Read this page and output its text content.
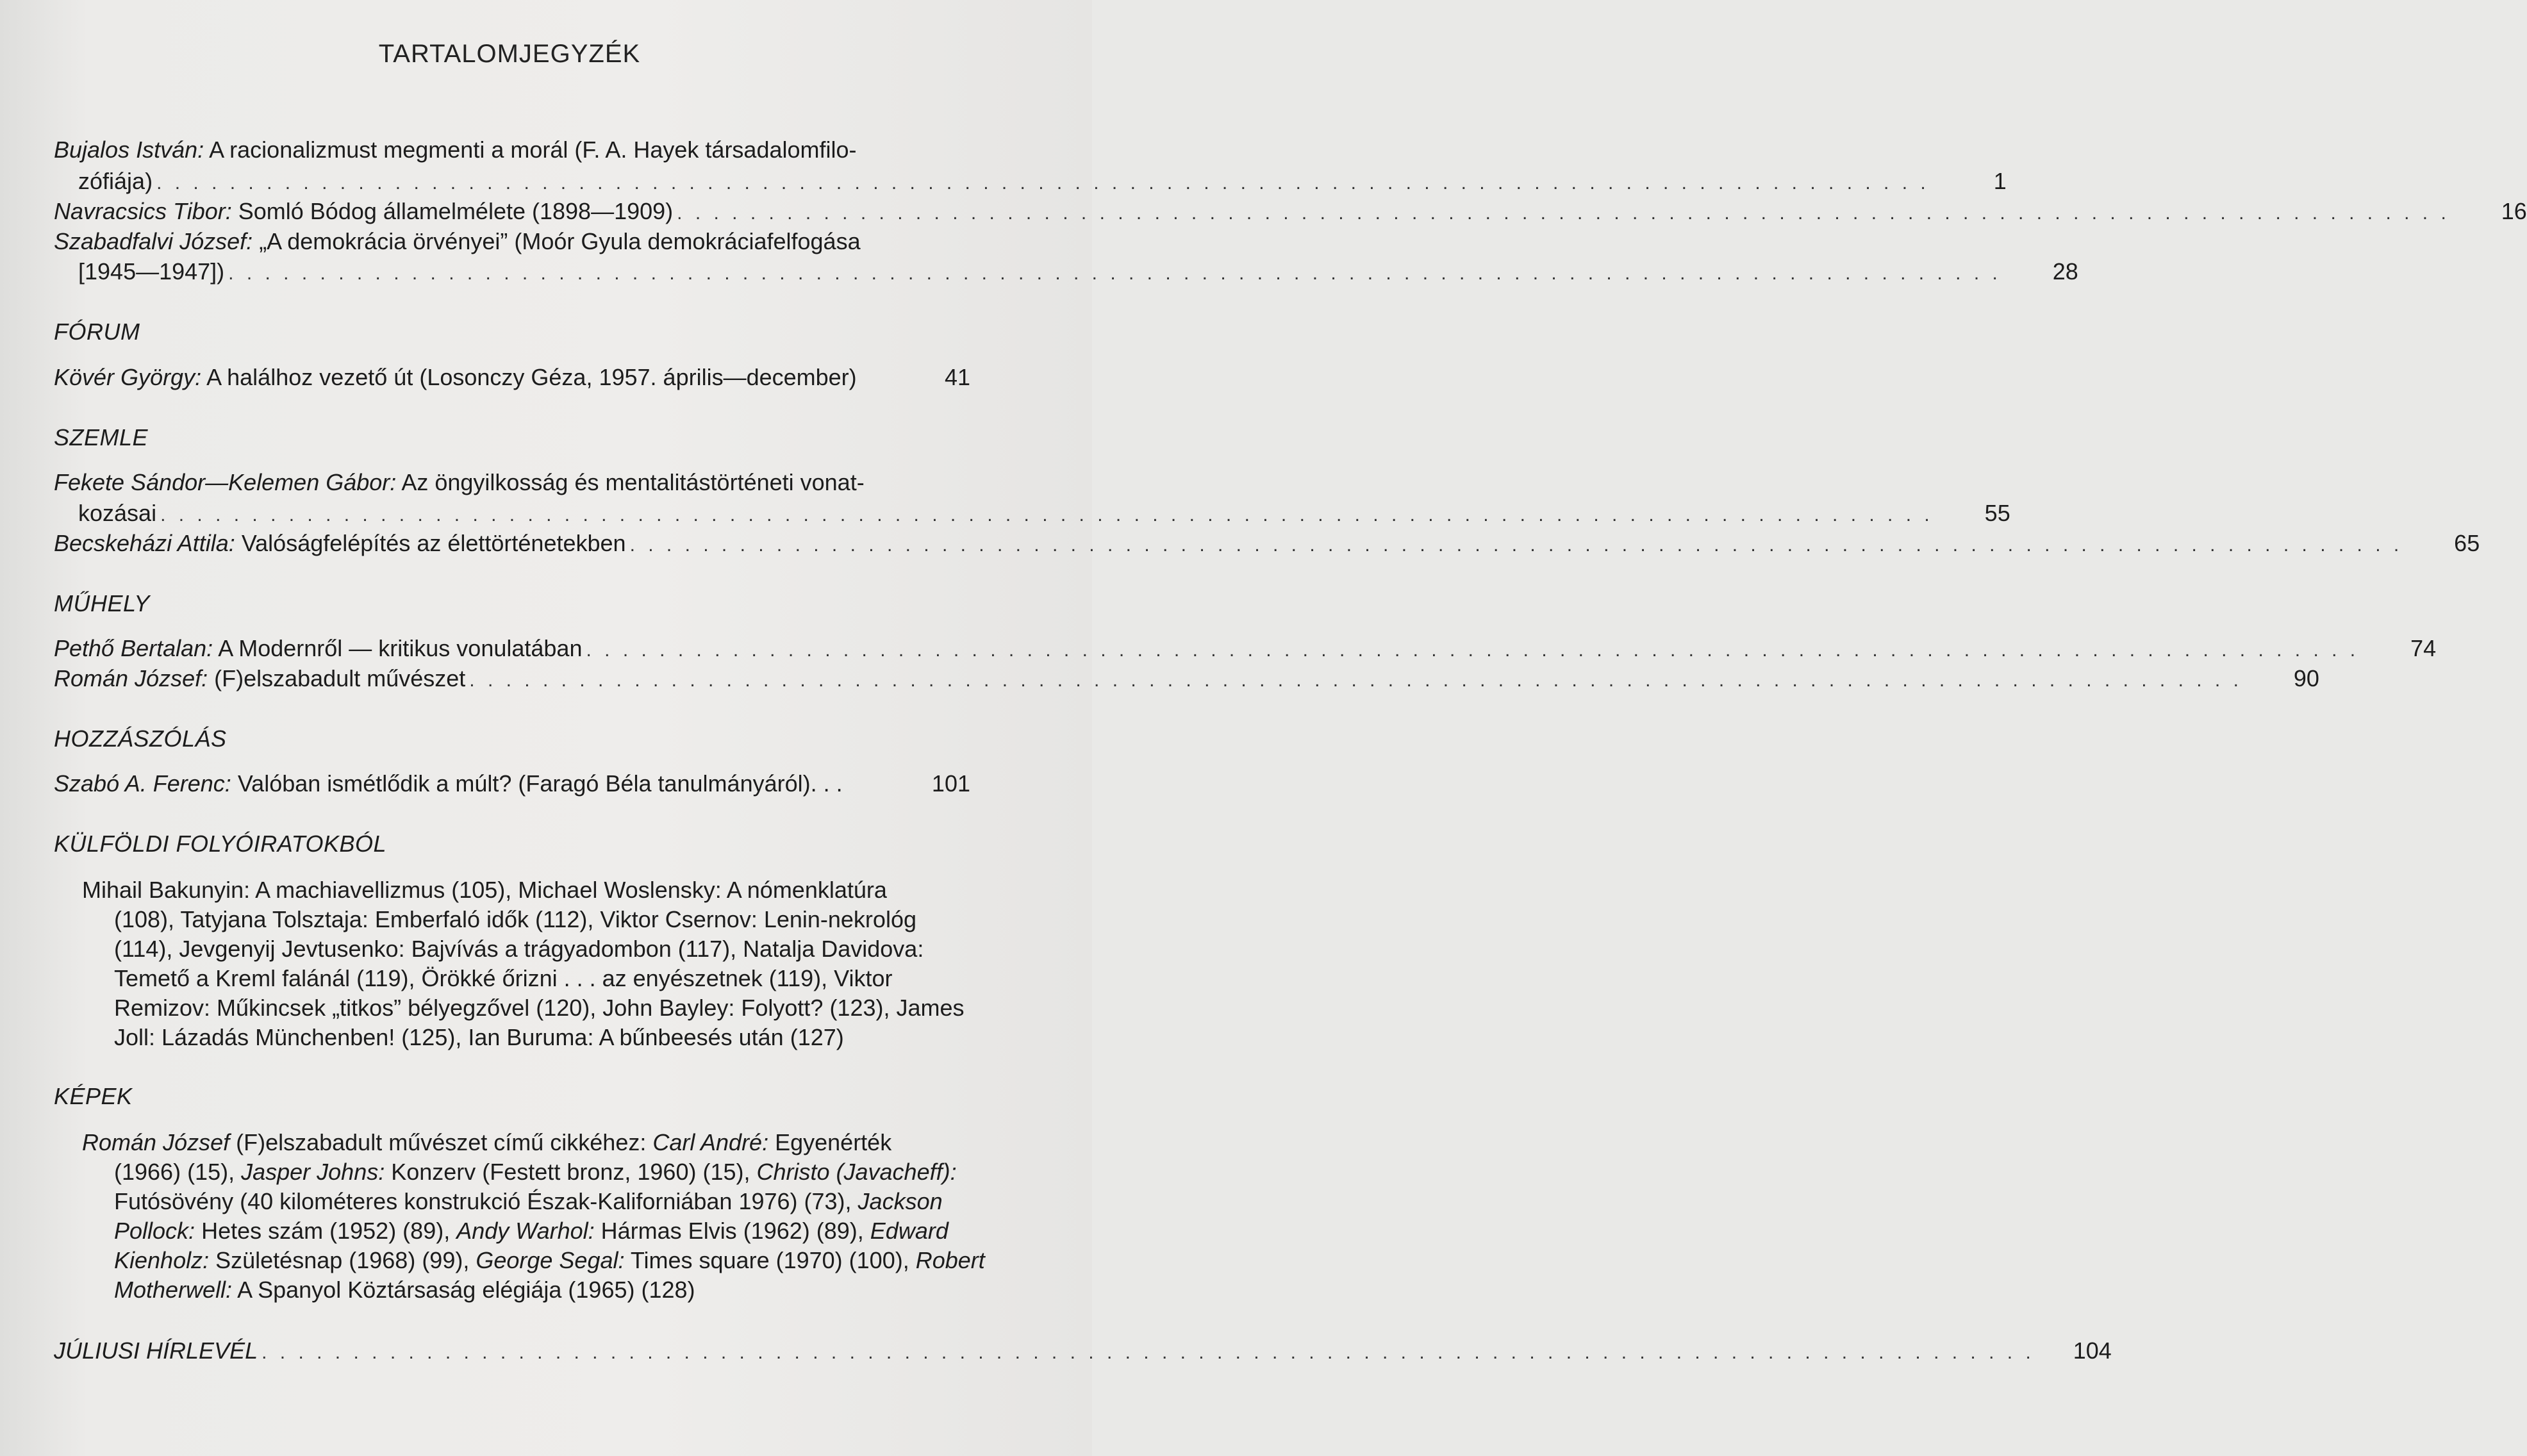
TARTALOMJEGYZÉK
Bujalos István: A racionalizmust megmenti a morál (F. A. Hayek társadalomfilo-
zófiája) . . . . . . . . . . . . . . . . . . . . . . . . . . . . . . . . . . . . . . . . . . . . . . . . . . . . . . . . . . . . . . . . . . . . . . . . . . . . . . . . . . . . . . . . . . . . . . . . .	1
Navracsics Tibor: Somló Bódog államelmélete (1898—1909) . . . . . . . . . . . . . . . . . . . . . . . . . . . . . . . . . . . . . . . . . . . . . . . . . . . . . . . . . . . . . . . . . . . . . . . . . . . . . . . . . . . . . . . . . . . . . . . . .	16
Szabadfalvi József: „A demokrácia örvényei” (Moór Gyula demokráciafelfogása
[1945—1947]) . . . . . . . . . . . . . . . . . . . . . . . . . . . . . . . . . . . . . . . . . . . . . . . . . . . . . . . . . . . . . . . . . . . . . . . . . . . . . . . . . . . . . . . . . . . . . . . . .	28
FÓRUM
Kövér György: A halálhoz vezető út (Losonczy Géza, 1957. április—december)	41
SZEMLE
Fekete Sándor—Kelemen Gábor: Az öngyilkosság és mentalitástörténeti vonat-
kozásai . . . . . . . . . . . . . . . . . . . . . . . . . . . . . . . . . . . . . . . . . . . . . . . . . . . . . . . . . . . . . . . . . . . . . . . . . . . . . . . . . . . . . . . . . . . . . . . . .	55
Becskeházi Attila: Valóságfelépítés az élettörténetekben . . . . . . . . . . . . . . . . . . . . . . . . . . . . . . . . . . . . . . . . . . . . . . . . . . . . . . . . . . . . . . . . . . . . . . . . . . . . . . . . . . . . . . . . . . . . . . . . .	65
MŰHELY
Pethő Bertalan: A Modernről — kritikus vonulatában . . . . . . . . . . . . . . . . . . . . . . . . . . . . . . . . . . . . . . . . . . . . . . . . . . . . . . . . . . . . . . . . . . . . . . . . . . . . . . . . . . . . . . . . . . . . . . . . .	74
Román József: (F)elszabadult művészet . . . . . . . . . . . . . . . . . . . . . . . . . . . . . . . . . . . . . . . . . . . . . . . . . . . . . . . . . . . . . . . . . . . . . . . . . . . . . . . . . . . . . . . . . . . . . . . . .	90
HOZZÁSZÓLÁS
Szabó A. Ferenc: Valóban ismétlődik a múlt? (Faragó Béla tanulmányáról). . .	101
KÜLFÖLDI FOLYÓIRATOKBÓL
Mihail Bakunyin: A machiavellizmus (105), Michael Woslensky: A nómenklatúra
(108), Tatyjana Tolsztaja: Emberfaló idők (112), Viktor Csernov: Lenin-nekrológ
(114), Jevgenyij Jevtusenko: Bajvívás a trágyadombon (117), Natalja Davidova:
Temető a Kreml falánál (119), Örökké őrizni . . . az enyészetnek (119), Viktor
Remizov: Műkincsek „titkos” bélyegzővel (120), John Bayley: Folyott? (123), James
Joll: Lázadás Münchenben! (125), Ian Buruma: A bűnbeesés után (127)
KÉPEK
Román József (F)elszabadult művészet című cikkéhez: Carl André: Egyenérték
(1966) (15), Jasper Johns: Konzerv (Festett bronz, 1960) (15), Christo (Javacheff):
Futósövény (40 kilométeres konstrukció Észak-Kaliforniában 1976) (73), Jackson
Pollock: Hetes szám (1952) (89), Andy Warhol: Hármas Elvis (1962) (89), Edward
Kienholz: Születésnap (1968) (99), George Segal: Times square (1970) (100), Robert
Motherwell: A Spanyol Köztársaság elégiája (1965) (128)
JÚLIUSI HÍRLEVÉL . . . . . . . . . . . . . . . . . . . . . . . . . . . . . . . . . . . . . . . . . . . . . . . . . . . . . . . . . . . . . . . . . . . . . . . . . . . . . . . . . . . . . . . . . . . . . . . . .	104
